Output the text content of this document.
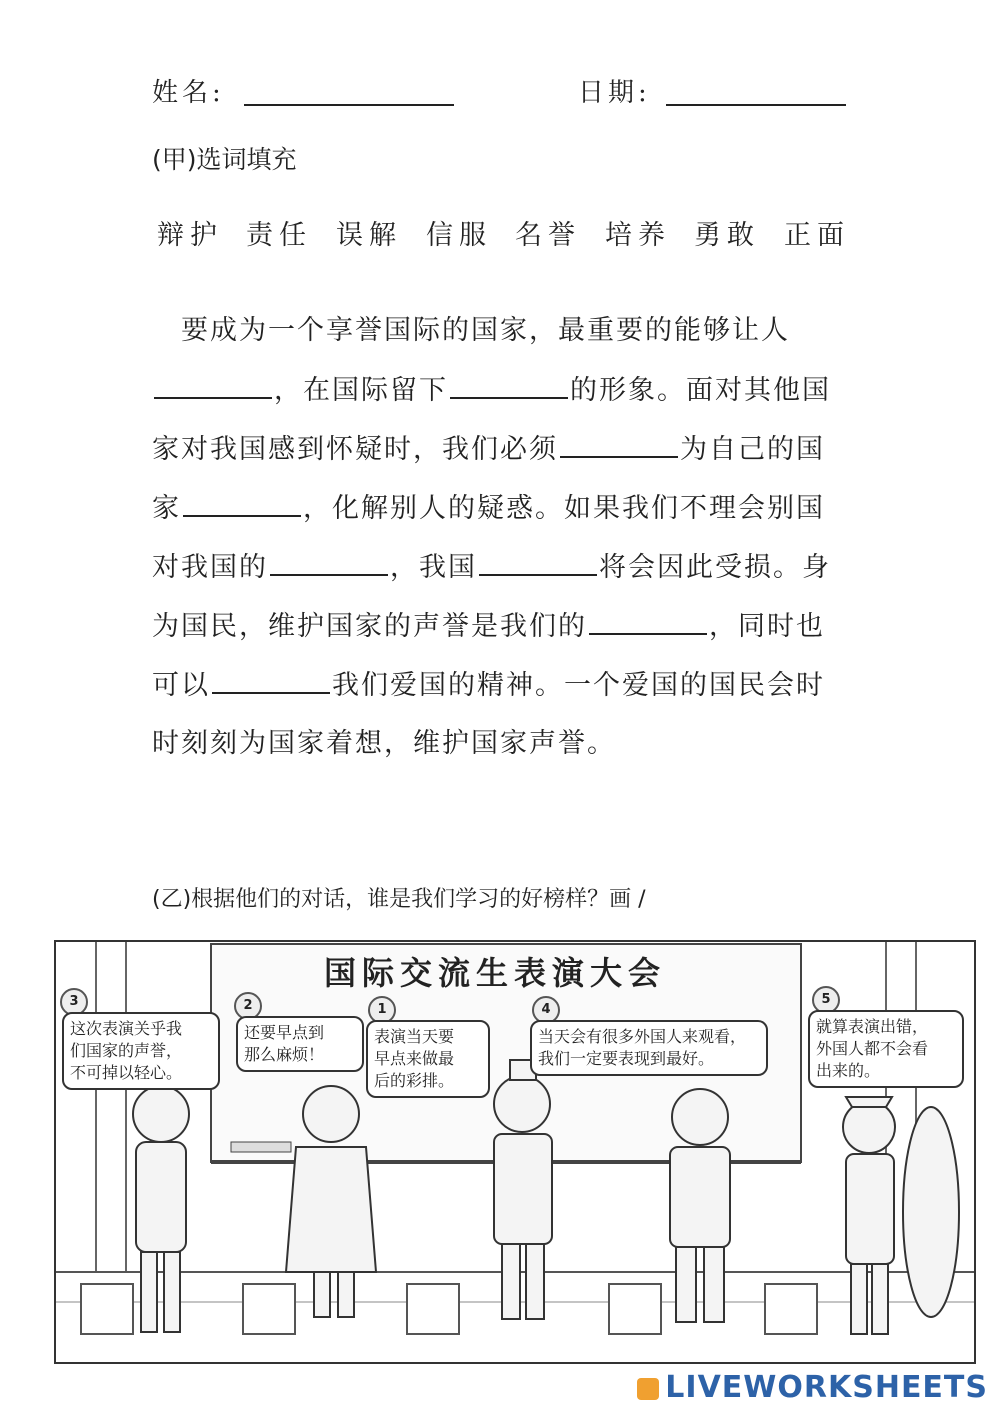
姓名:	日期:
(甲)选词填充
辩护 责任 误解 信服 名誉 培养 勇敢 正面
　要成为一个享誉国际的国家，最重要的能够让人
，在国际留下	的形象。面对其他国
家对我国感到怀疑时，我们必须	为自己的国
家	，化解别人的疑惑。如果我们不理会别国
对我国的	，我国	将会因此受损。身
为国民，维护国家的声誉是我们的	，同时也
可以	我们爱国的精神。一个爱国的国民会时
时刻刻为国家着想，维护国家声誉。
(乙)根据他们的对话，谁是我们学习的好榜样？画 /
国际交流生表演大会
3
这次表演关乎我
们国家的声誉，
不可掉以轻心。
2
还要早点到
那么麻烦！
1
表演当天要
早点来做最
后的彩排。
4
当天会有很多外国人来观看，
我们一定要表现到最好。
5
就算表演出错，
外国人都不会看
出来的。
LIVEWORKSHEETS
